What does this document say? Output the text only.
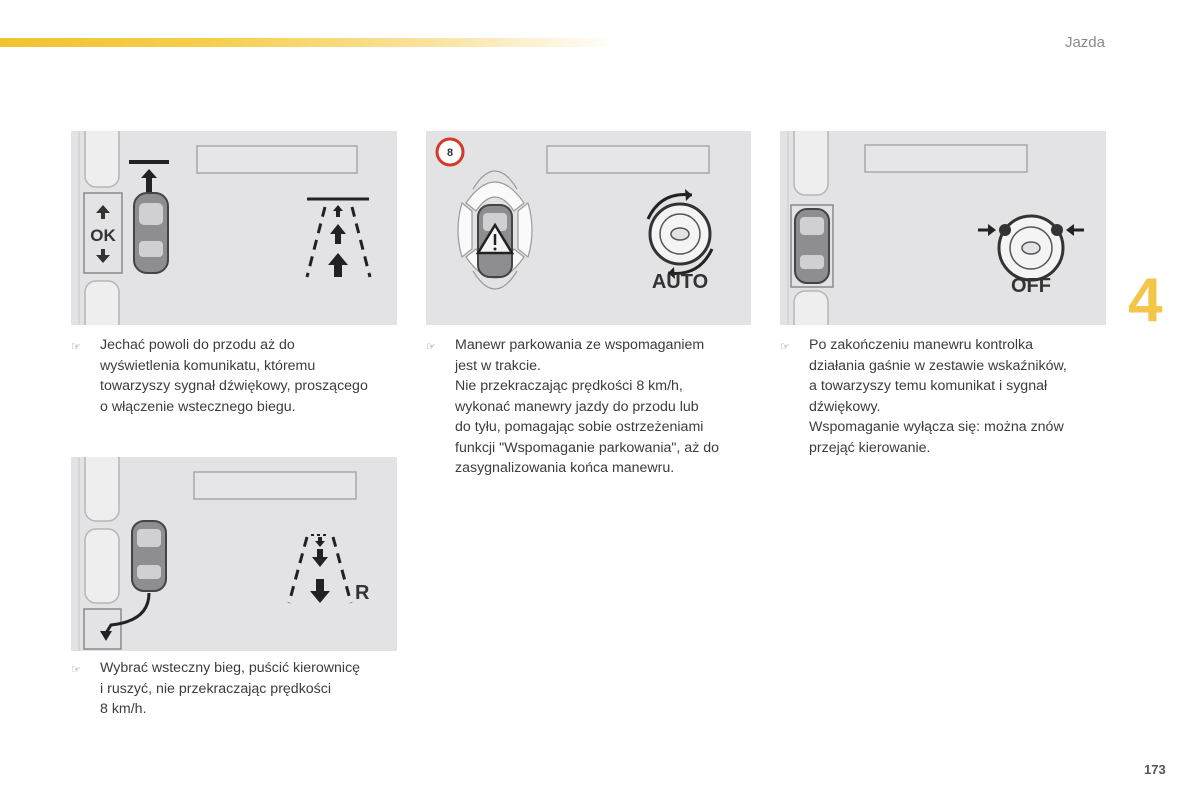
Jazda
4
173
OK
8
AUTO	OFF
R
☞ Jechać powoli do przodu aż do
wyświetlenia komunikatu, któremu
towarzyszy sygnał dźwiękowy, proszącego
o włączenie wstecznego biegu.
☞ Manewr parkowania ze wspomaganiem
jest w trakcie.
Nie przekraczając prędkości 8 km/h,
wykonać manewry jazdy do przodu lub
do tyłu, pomagając sobie ostrzeżeniami
funkcji "Wspomaganie parkowania", aż do
zasygnalizowania końca manewru.
☞ Po zakończeniu manewru kontrolka
działania gaśnie w zestawie wskaźników,
a towarzyszy temu komunikat i sygnał
dźwiękowy.
Wspomaganie wyłącza się: można znów
przejąć kierowanie.
☞ Wybrać wsteczny bieg, puścić kierownicę
i ruszyć, nie przekraczając prędkości
8 km/h.
